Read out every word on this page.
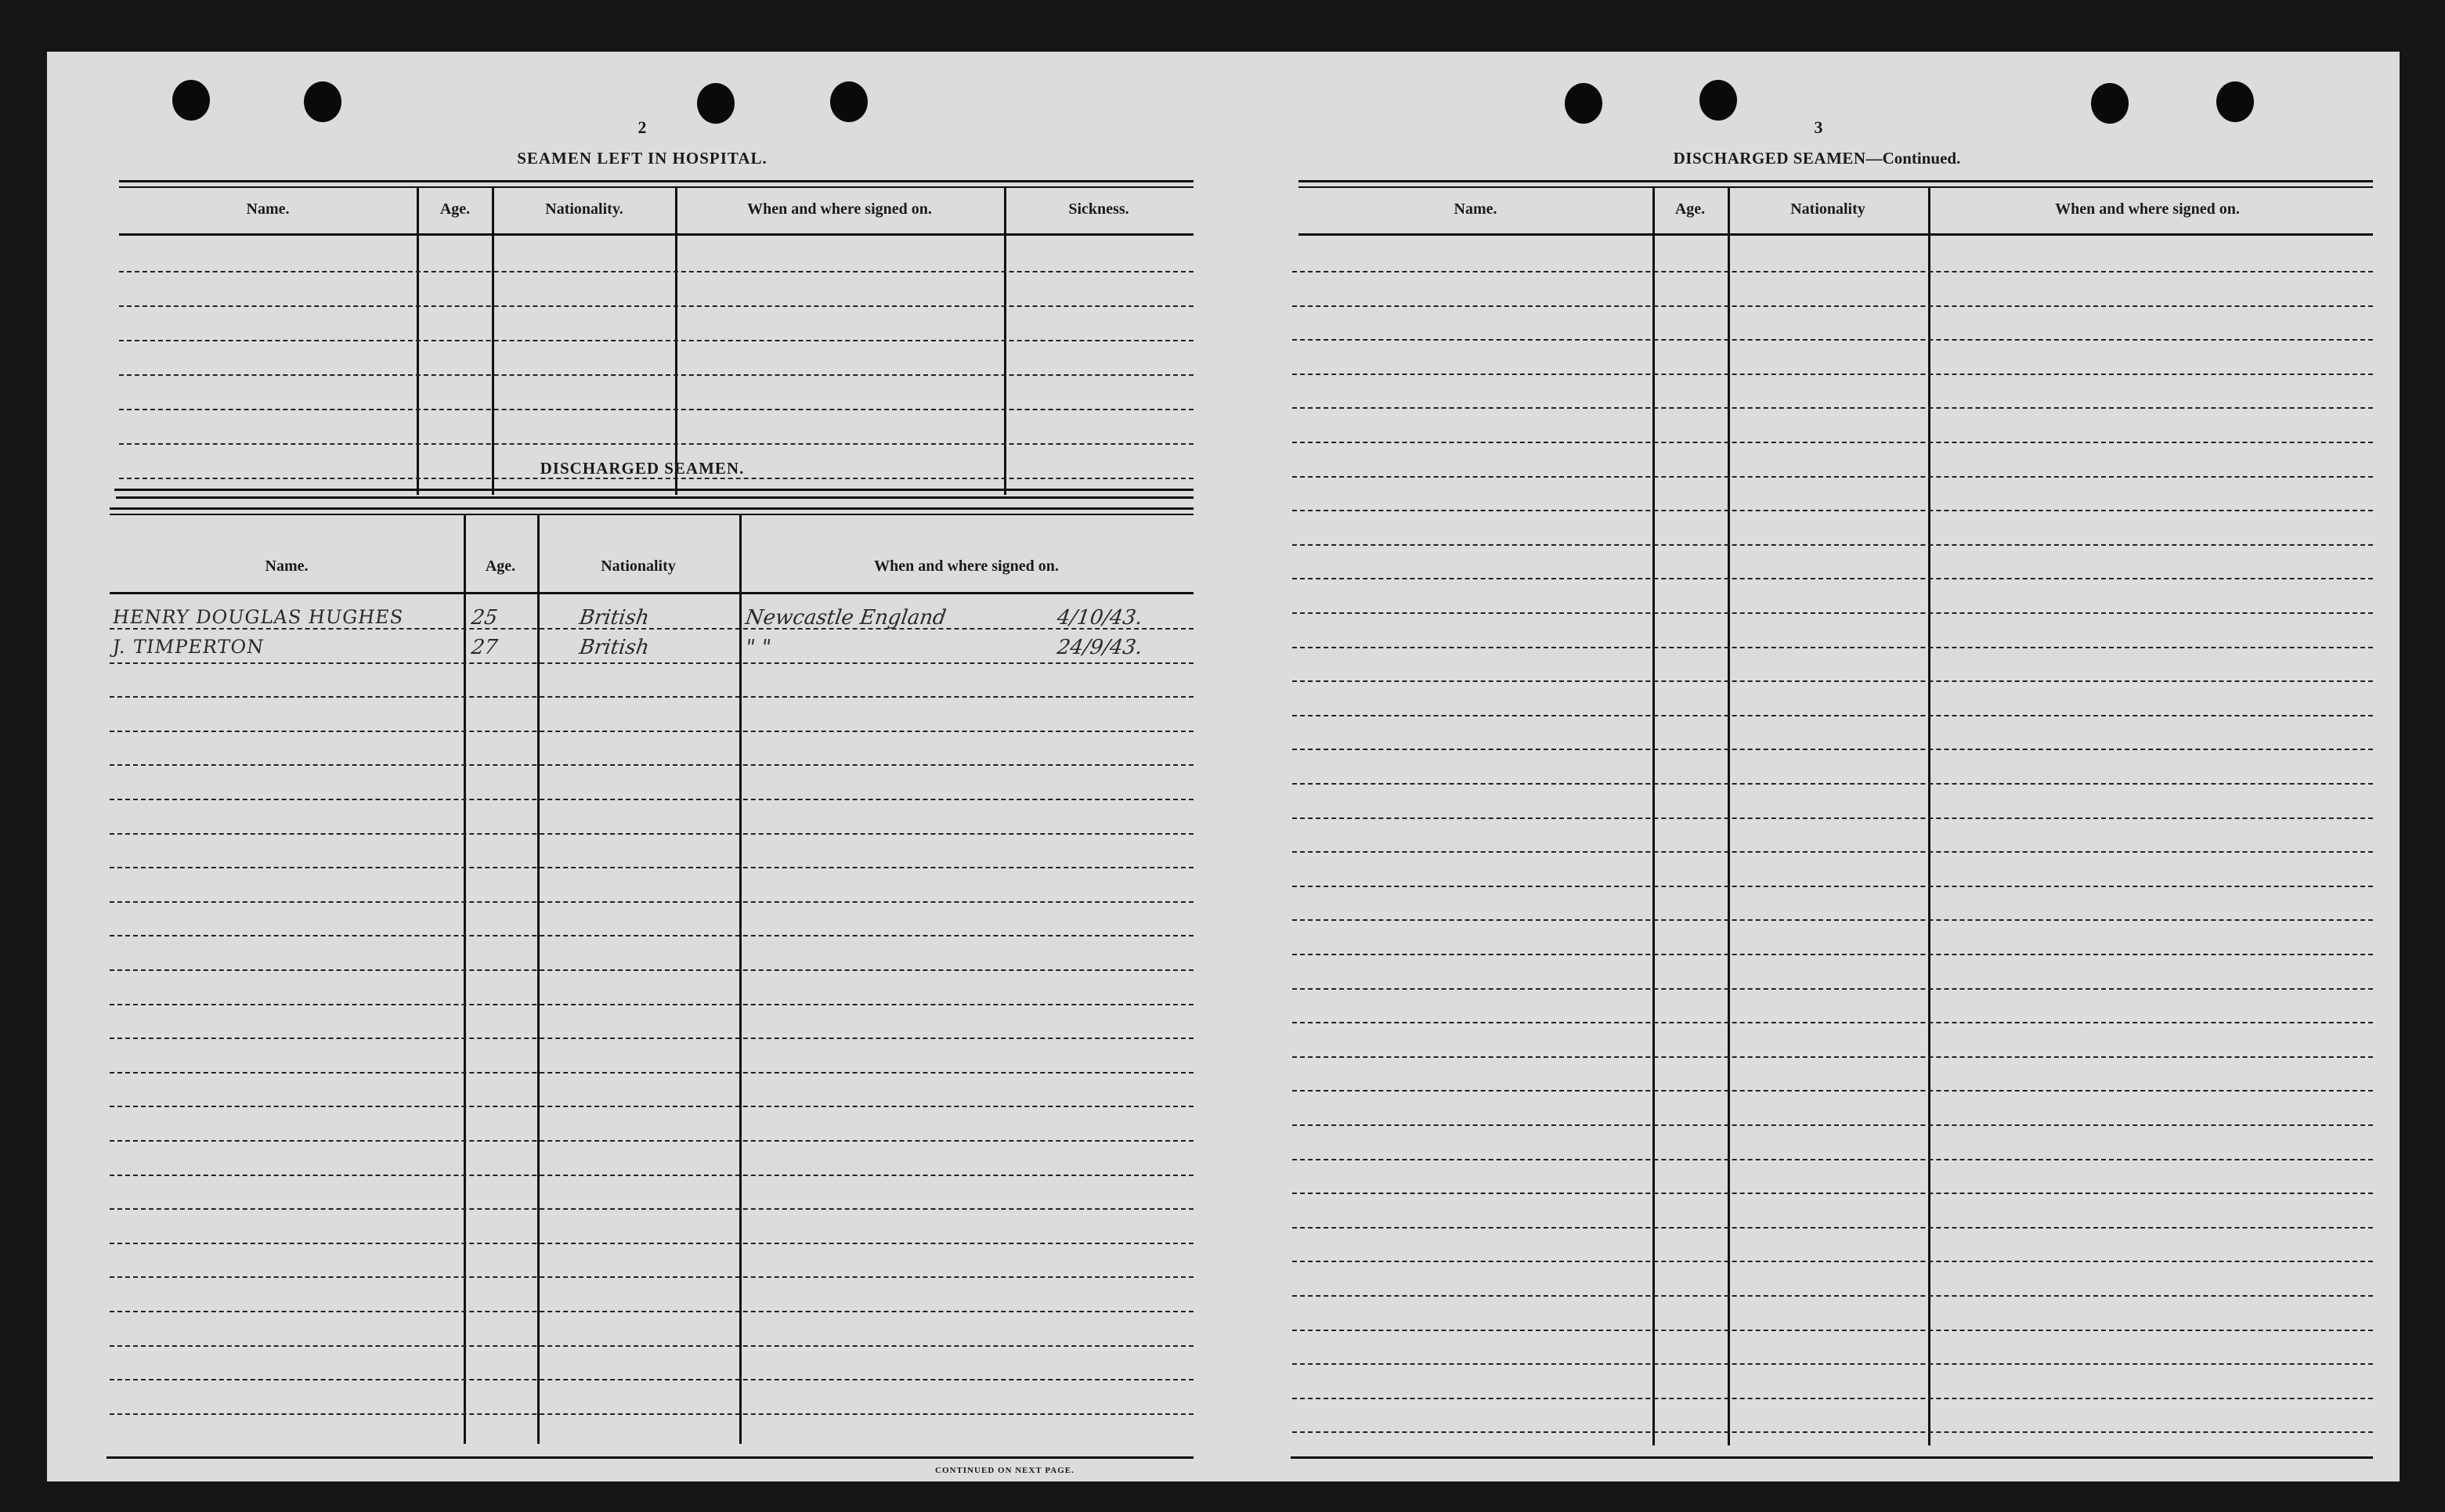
2
SEAMEN LEFT IN HOSPITAL.
Name.	Age.	Nationality.	When and where signed on.	Sickness.
DISCHARGED SEAMEN.
3
DISCHARGED SEAMEN—Continued.
Name.	Age.	Nationality	When and where signed on.
HENRY DOUGLAS HUGHES	25	British	Newcastle England	4/10/43.
J. TIMPERTON	27	British	" "	24/9/43.
CONTINUED ON NEXT PAGE.
Name.	Age.	Nationality	When and where signed on.
